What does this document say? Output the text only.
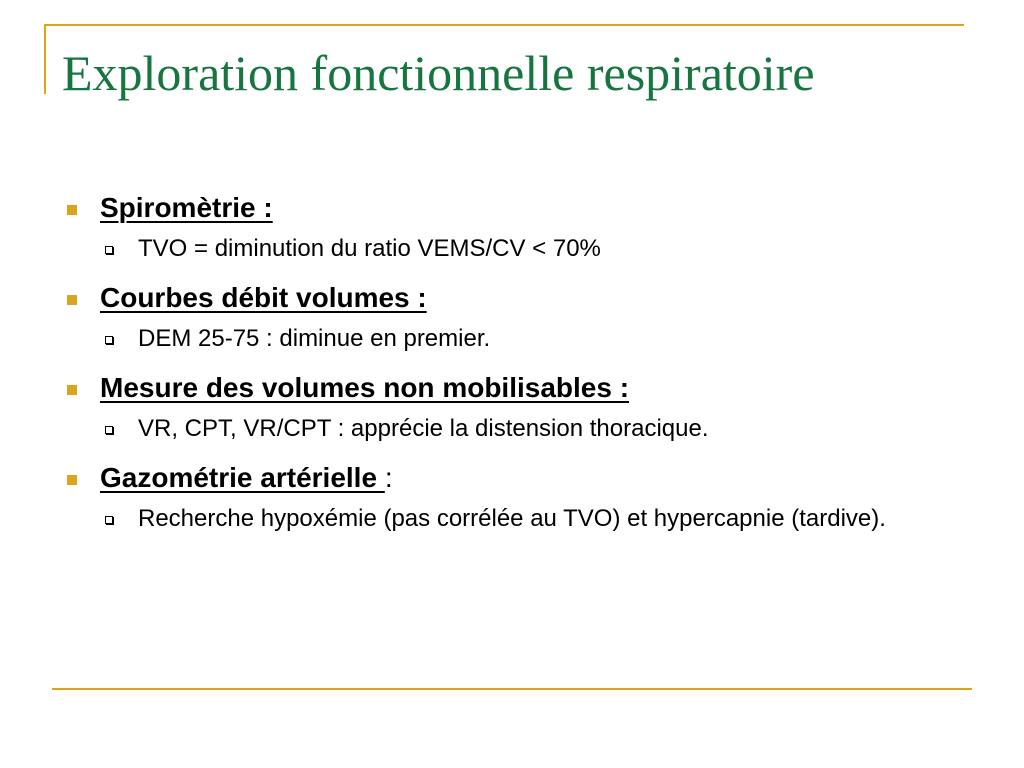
Exploration fonctionnelle respiratoire
Spiromètrie :
TVO = diminution du ratio VEMS/CV < 70%
Courbes débit volumes :
DEM 25-75 : diminue en premier.
Mesure des volumes non mobilisables :
VR, CPT, VR/CPT : apprécie la distension thoracique.
Gazométrie artérielle :
Recherche hypoxémie (pas corrélée au TVO) et hypercapnie (tardive).
